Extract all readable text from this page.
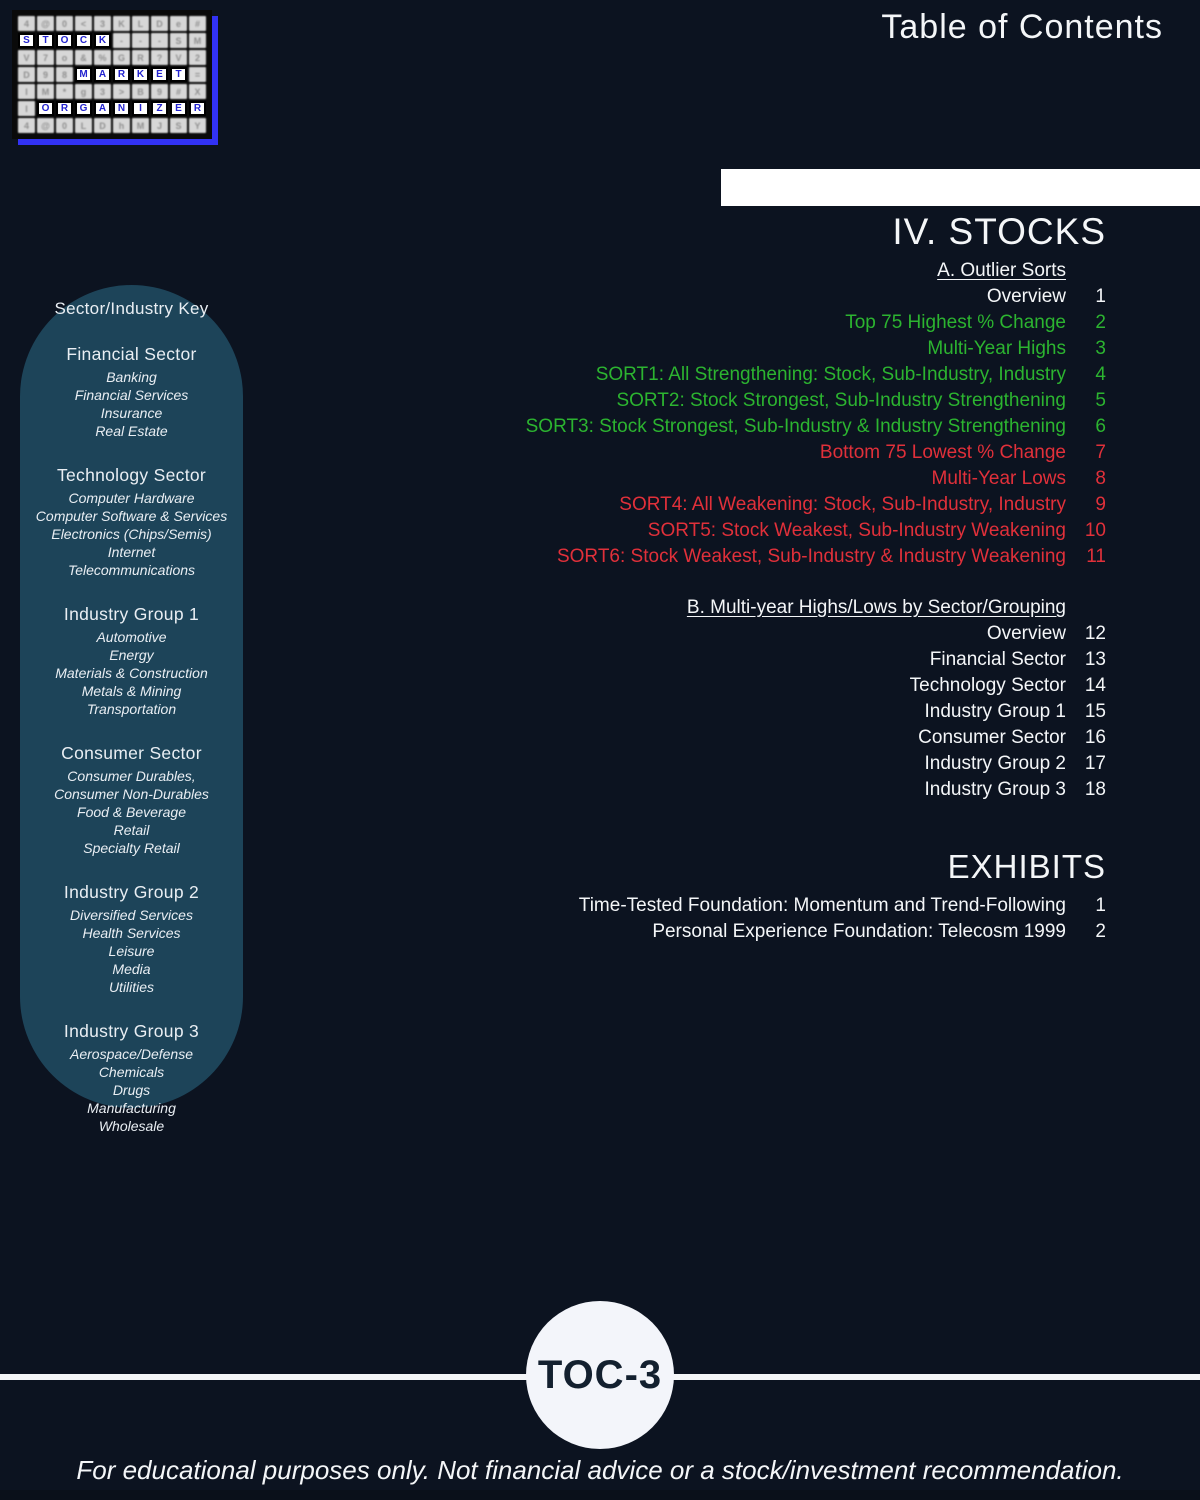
4	@	0	<	3	K	L	D	e	#
S	T	O	C	K	-	-	-	S	M
V	7	o	&	%	G	R	?	V	2
D	9	8	M	A	R	K	E	T	=
I	M	*	g	3	>	B	9	#	X
I	O	R	G	A	N	I	Z	E	R
4	@	0	L	D	h	M	J	S	Y
Table of Contents
Sector/Industry Key
Financial Sector
Banking
Financial Services
Insurance
Real Estate
Technology Sector
Computer Hardware
Computer Software & Services
Electronics (Chips/Semis)
Internet
Telecommunications
Industry Group 1
Automotive
Energy
Materials & Construction
Metals & Mining
Transportation
Consumer Sector
Consumer Durables,
Consumer Non-Durables
Food & Beverage
Retail
Specialty Retail
Industry Group 2
Diversified Services
Health Services
Leisure
Media
Utilities
Industry Group 3
Aerospace/Defense
Chemicals
Drugs
Manufacturing
Wholesale
IV. STOCKS
A. Outlier Sorts
Overview	1
Top 75 Highest % Change	2
Multi-Year Highs	3
SORT1: All Strengthening: Stock, Sub-Industry, Industry	4
SORT2: Stock Strongest, Sub-Industry Strengthening	5
SORT3: Stock Strongest, Sub-Industry & Industry Strengthening	6
Bottom 75 Lowest % Change	7
Multi-Year Lows	8
SORT4: All Weakening: Stock, Sub-Industry, Industry	9
SORT5: Stock Weakest, Sub-Industry Weakening 10
SORT6: Stock Weakest, Sub-Industry & Industry Weakening	11
B. Multi-year Highs/Lows by Sector/Grouping
Overview 12
Financial Sector 13
Technology Sector 14
Industry Group 1 15
Consumer Sector 16
Industry Group 2 17
Industry Group 3 18
EXHIBITS
Time-Tested Foundation: Momentum and Trend-Following	1
Personal Experience Foundation: Telecosm 1999	2
TOC-3
For educational purposes only. Not financial advice or a stock/investment recommendation.
